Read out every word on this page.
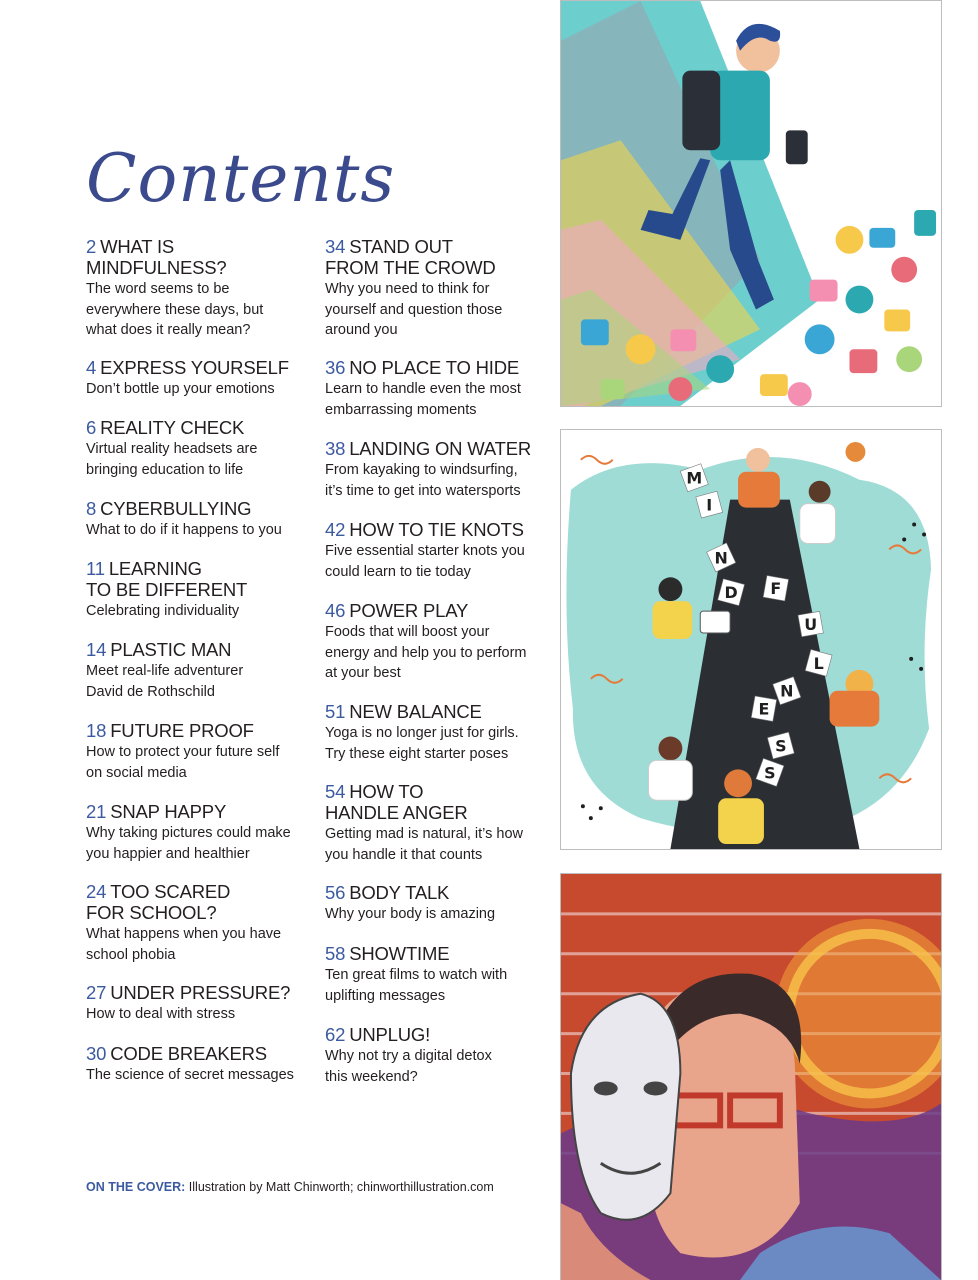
Contents
2 WHAT IS
MINDFULNESS?
The word seems to be
everywhere these days, but
what does it really mean?
4 EXPRESS YOURSELF
Don’t bottle up your emotions
6 REALITY CHECK
Virtual reality headsets are
bringing education to life
8 CYBERBULLYING
What to do if it happens to you
11 LEARNING
TO BE DIFFERENT
Celebrating individuality
14 PLASTIC MAN
Meet real-life adventurer
David de Rothschild
18 FUTURE PROOF
How to protect your future self
on social media
21 SNAP HAPPY
Why taking pictures could make
you happier and healthier
24 TOO SCARED
FOR SCHOOL?
What happens when you have
school phobia
27 UNDER PRESSURE?
How to deal with stress
30 CODE BREAKERS
The science of secret messages
34 STAND OUT
FROM THE CROWD
Why you need to think for
yourself and question those
around you
36 NO PLACE TO HIDE
Learn to handle even the most
embarrassing moments
38 LANDING ON WATER
From kayaking to windsurfing,
it’s time to get into watersports
42 HOW TO TIE KNOTS
Five essential starter knots you
could learn to tie today
46 POWER PLAY
Foods that will boost your
energy and help you to perform
at your best
51 NEW BALANCE
Yoga is no longer just for girls.
Try these eight starter poses
54 HOW TO
HANDLE ANGER
Getting mad is natural, it’s how
you handle it that counts
56 BODY TALK
Why your body is amazing
58 SHOWTIME
Ten great films to watch with
uplifting messages
62 UNPLUG!
Why not try a digital detox
this weekend?
ON THE COVER: Illustration by Matt Chinworth; chinworthillustration.com
M
I
N
D F
U
L
N
E
S
S
